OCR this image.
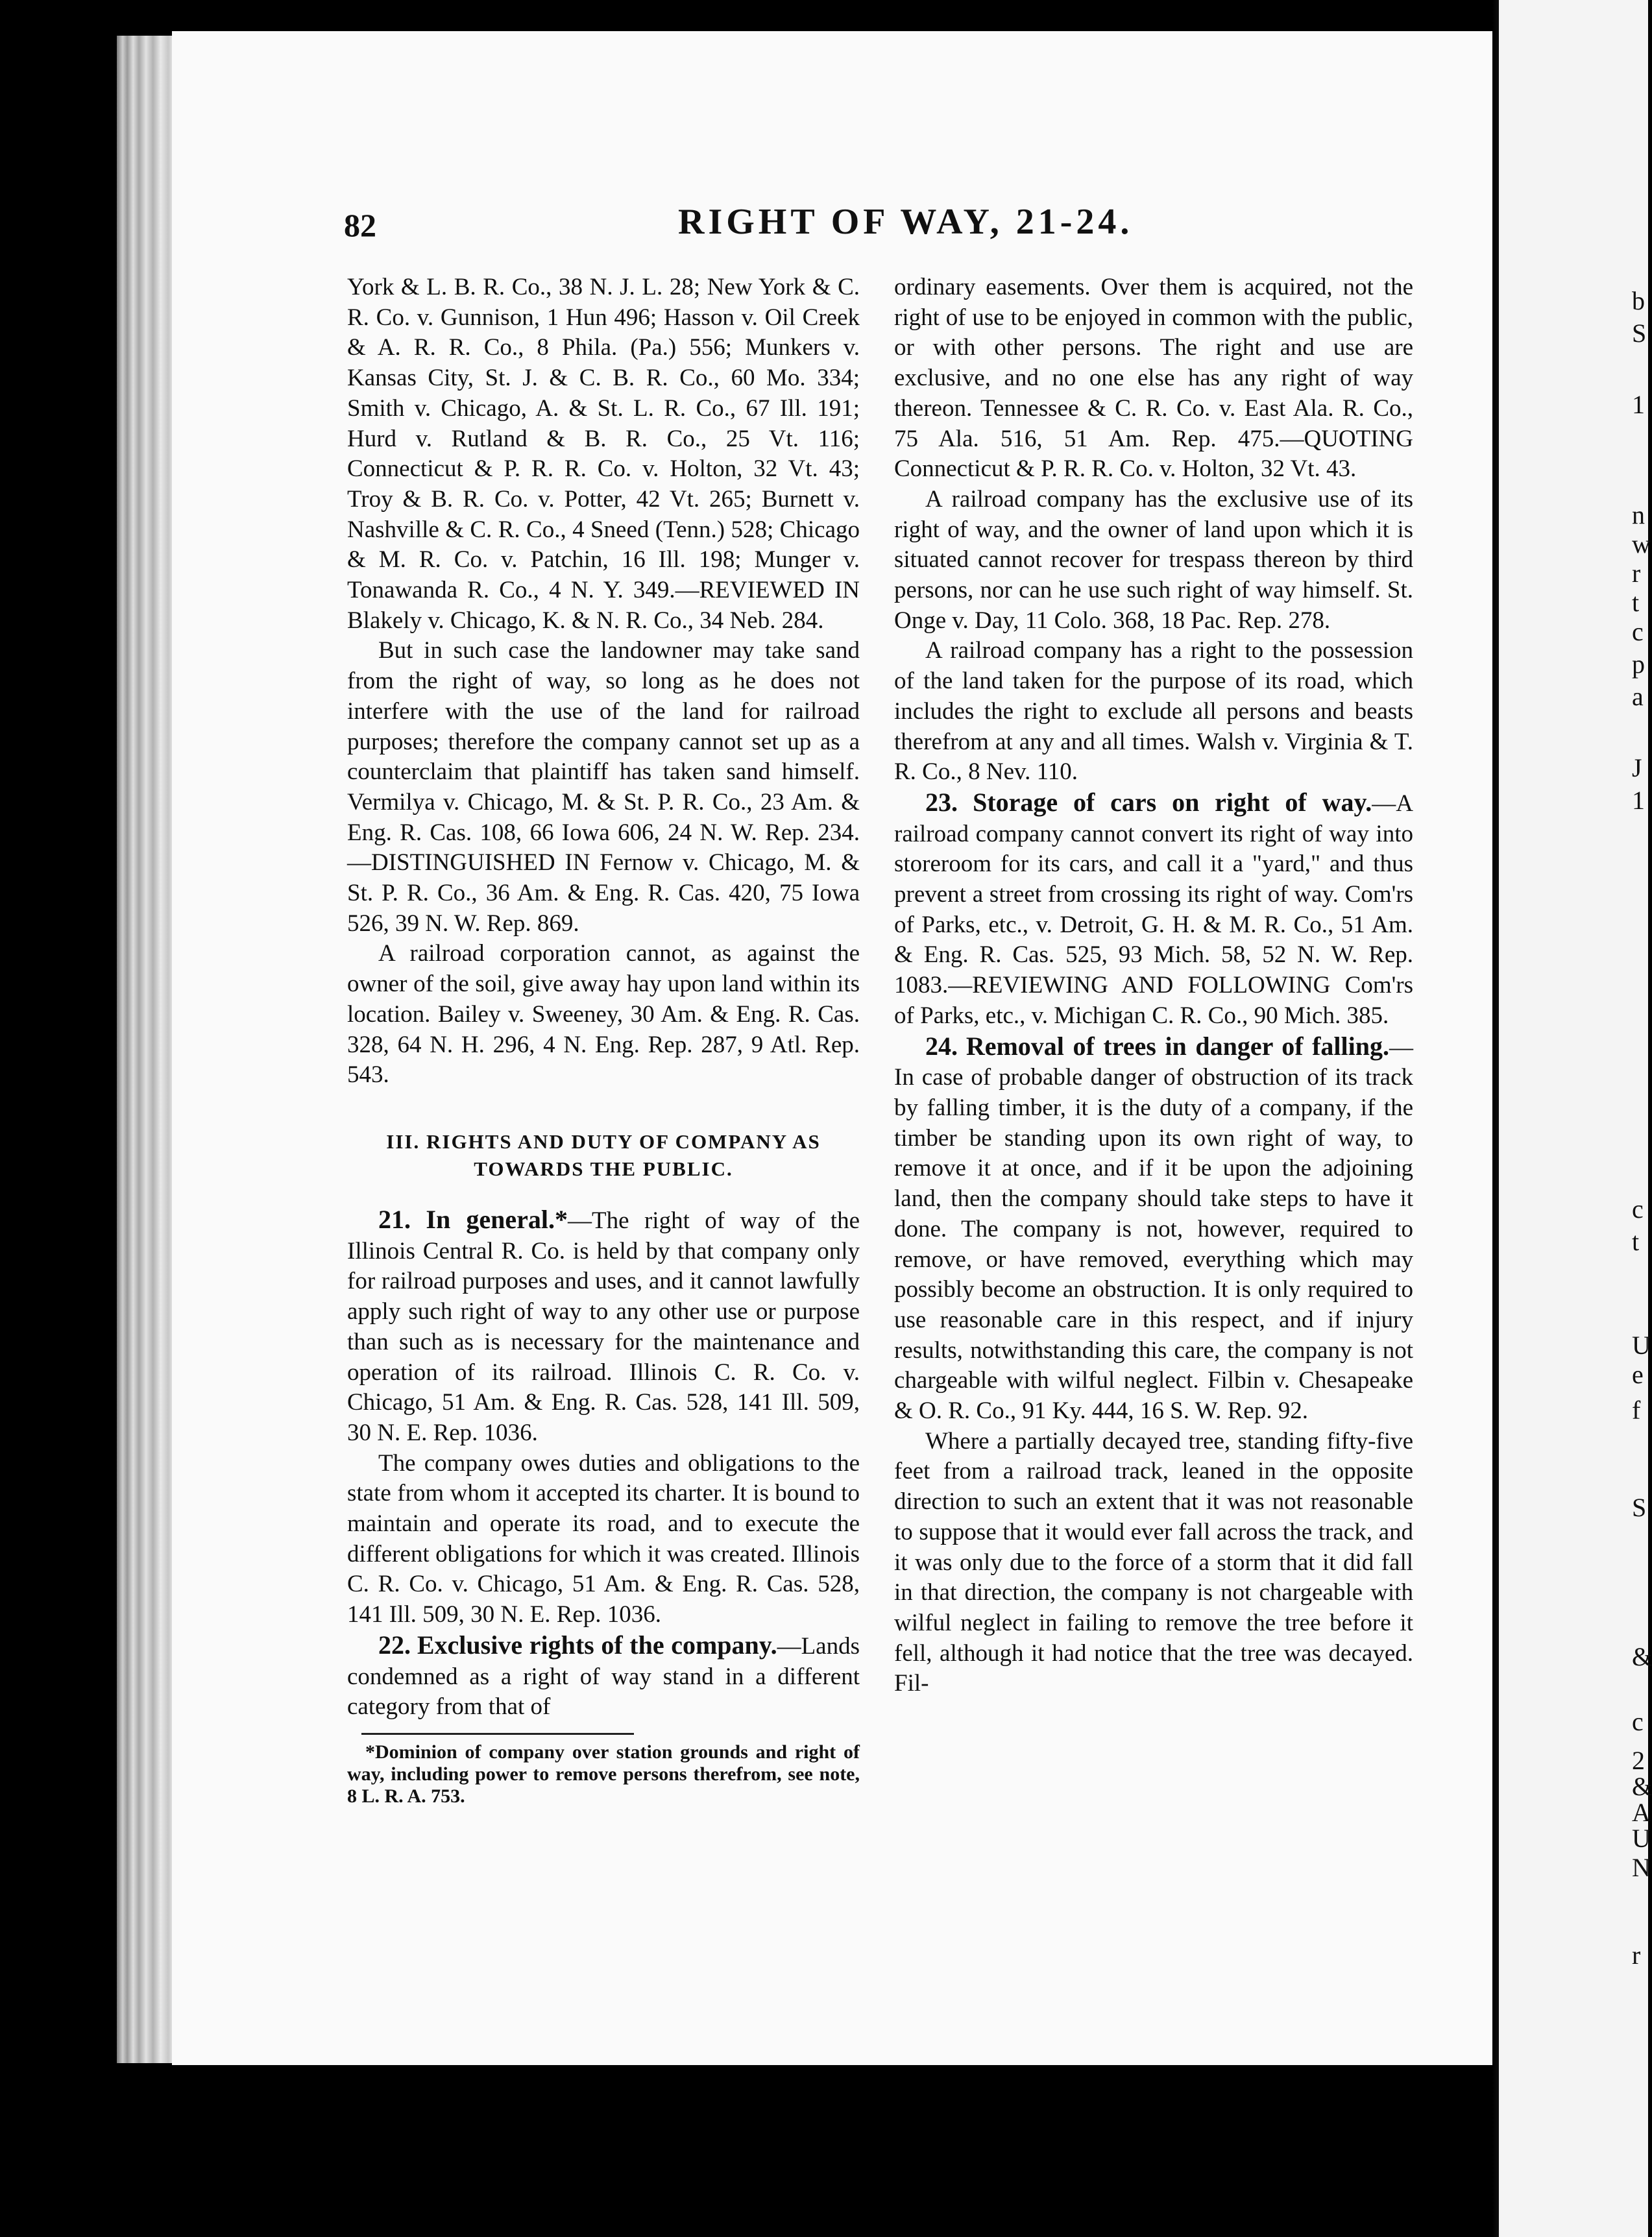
82	RIGHT OF WAY, 21-24.

York & L. B. R. Co., 38 N. J. L. 28; New York & C. R. Co. v. Gunnison, 1 Hun 496; Hasson v. Oil Creek & A. R. R. Co., 8 Phila. (Pa.) 556; Munkers v. Kansas City, St. J. & C. B. R. Co., 60 Mo. 334; Smith v. Chicago, A. & St. L. R. Co., 67 Ill. 191; Hurd v. Rutland & B. R. Co., 25 Vt. 116; Connecticut & P. R. R. Co. v. Holton, 32 Vt. 43; Troy & B. R. Co. v. Potter, 42 Vt. 265; Burnett v. Nashville & C. R. Co., 4 Sneed (Tenn.) 528; Chicago & M. R. Co. v. Patchin, 16 Ill. 198; Munger v. Tonawanda R. Co., 4 N. Y. 349.—REVIEWED IN Blakely v. Chicago, K. & N. R. Co., 34 Neb. 284.

But in such case the landowner may take sand from the right of way, so long as he does not interfere with the use of the land for railroad purposes; therefore the company cannot set up as a counterclaim that plaintiff has taken sand himself. Vermilya v. Chicago, M. & St. P. R. Co., 23 Am. & Eng. R. Cas. 108, 66 Iowa 606, 24 N. W. Rep. 234.—DISTINGUISHED IN Fernow v. Chicago, M. & St. P. R. Co., 36 Am. & Eng. R. Cas. 420, 75 Iowa 526, 39 N. W. Rep. 869.

A railroad corporation cannot, as against the owner of the soil, give away hay upon land within its location. Bailey v. Sweeney, 30 Am. & Eng. R. Cas. 328, 64 N. H. 296, 4 N. Eng. Rep. 287, 9 Atl. Rep. 543.

III. RIGHTS AND DUTY OF COMPANY AS TOWARDS THE PUBLIC.

21. In general.*—The right of way of the Illinois Central R. Co. is held by that company only for railroad purposes and uses, and it cannot lawfully apply such right of way to any other use or purpose than such as is necessary for the maintenance and operation of its railroad. Illinois C. R. Co. v. Chicago, 51 Am. & Eng. R. Cas. 528, 141 Ill. 509, 30 N. E. Rep. 1036.

The company owes duties and obligations to the state from whom it accepted its charter. It is bound to maintain and operate its road, and to execute the different obligations for which it was created. Illinois C. R. Co. v. Chicago, 51 Am. & Eng. R. Cas. 528, 141 Ill. 509, 30 N. E. Rep. 1036.

22. Exclusive rights of the company.—Lands condemned as a right of way stand in a different category from that of

*Dominion of company over station grounds and right of way, including power to remove persons therefrom, see note, 8 L. R. A. 753.

ordinary easements. Over them is acquired, not the right of use to be enjoyed in common with the public, or with other persons. The right and use are exclusive, and no one else has any right of way thereon. Tennessee & C. R. Co. v. East Ala. R. Co., 75 Ala. 516, 51 Am. Rep. 475.—QUOTING Connecticut & P. R. R. Co. v. Holton, 32 Vt. 43.

A railroad company has the exclusive use of its right of way, and the owner of land upon which it is situated cannot recover for trespass thereon by third persons, nor can he use such right of way himself. St. Onge v. Day, 11 Colo. 368, 18 Pac. Rep. 278.

A railroad company has a right to the possession of the land taken for the purpose of its road, which includes the right to exclude all persons and beasts therefrom at any and all times. Walsh v. Virginia & T. R. Co., 8 Nev. 110.

23. Storage of cars on right of way.—A railroad company cannot convert its right of way into storeroom for its cars, and call it a "yard," and thus prevent a street from crossing its right of way. Com'rs of Parks, etc., v. Detroit, G. H. & M. R. Co., 51 Am. & Eng. R. Cas. 525, 93 Mich. 58, 52 N. W. Rep. 1083.—REVIEWING AND FOLLOWING Com'rs of Parks, etc., v. Michigan C. R. Co., 90 Mich. 385.

24. Removal of trees in danger of falling.— In case of probable danger of obstruction of its track by falling timber, it is the duty of a company, if the timber be standing upon its own right of way, to remove it at once, and if it be upon the adjoining land, then the company should take steps to have it done. The company is not, however, required to remove, or have removed, everything which may possibly become an obstruction. It is only required to use reasonable care in this respect, and if injury results, notwithstanding this care, the company is not chargeable with wilful neglect. Filbin v. Chesapeake & O. R. Co., 91 Ky. 444, 16 S. W. Rep. 92.

Where a partially decayed tree, standing fifty-five feet from a railroad track, leaned in the opposite direction to such an extent that it was not reasonable to suppose that it would ever fall across the track, and it was only due to the force of a storm that it did fall in that direction, the company is not chargeable with wilful neglect in failing to remove the tree before it fell, although it had notice that the tree was decayed. Fil-

b
S
1
n
w
r
t
c
p
a
J
1
c
t
U
e
f
S
&
c
2
&
A
U
N
r
